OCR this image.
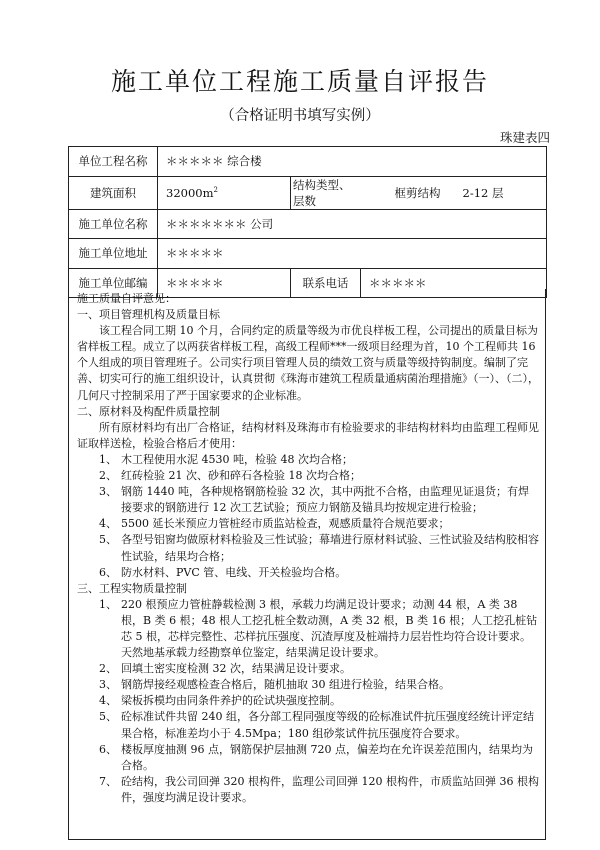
施工单位工程施工质量自评报告
（合格证明书填写实例）
珠建表四
单位工程名称	＊＊＊＊＊ 综合楼		
建筑面积	$32000m^2$	结构类型、层数	框剪结构 2-12 层
施工单位名称	＊＊＊＊＊＊＊ 公司		
施工单位地址	＊＊＊＊＊		
施工单位邮编	＊＊＊＊＊	联系电话	＊＊＊＊＊

施工质量自评意见：

一、项目管理机构及质量目标

该工程合同工期 10 个月，合同约定的质量等级为市优良样板工程，公司提出的质量目标为省样板工程。成立了以两获省样板工程，高级工程师***一级项目经理为首，10 个工程师共 16 个人组成的项目管理班子。公司实行项目管理人员的绩效工资与质量等级持钩制度。编制了完善、切实可行的施工组织设计，认真贯彻《珠海市建筑工程质量通病菌治理措施》（一）、（二），几何尺寸控制采用了严于国家要求的企业标准。

二、原材料及构配件质量控制

所有原材料均有出厂合格证，结构材料及珠海市有检验要求的非结构材料均由监理工程师见证取样送检，检验合格后才使用：

1、 木工程使用水泥 4530 吨，检验 48 次均合格；

2、 红砖检验 21 次、砂和碎石各检验 18 次均合格；

3、 钢筋 1440 吨，各种规格钢筋检验 32 次，其中两批不合格，由监理见证退货；有焊接要求的钢筋进行 12 次工艺试验；预应力钢筋及锚具均按规定进行检验；

4、 5500 延长米预应力管桩经市质监站检查，观感质量符合规范要求；

5、 各型号铝窗均做原材料检验及三性试验；幕墙进行原材料试验、三性试验及结构胶相容性试验，结果均合格；

6、 防水材料、PVC 管、电线、开关检验均合格。

三、工程实物质量控制

1、 220 根预应力管桩静载检测 3 根，承载力均满足设计要求；动测 44 根，A 类 38 根，B 类 6 根；48 根人工挖孔桩全数动测，A 类 32 根，B 类 16 根；人工挖孔桩钻芯 5 根，芯样完整性、芯样抗压强度、沉渣厚度及桩端持力层岩性均符合设计要求。天然地基承载力经勘察单位鉴定，结果满足设计要求。

2、 回填土密实度检测 32 次，结果满足设计要求。

3、 钢筋焊接经观感检查合格后，随机抽取 30 组进行检验，结果合格。

4、 梁板拆模均由同条件养护的砼试块强度控制。

5、 砼标准试件共留 240 组，各分部工程同强度等级的砼标准试件抗压强度经统计评定结果合格，标准差均小于 4.5Mpa；180 组砂浆试件抗压强度符合要求。

6、 楼板厚度抽测 96 点，钢筋保护层抽测 720 点，偏差均在允许误差范围内，结果均为合格。

7、 砼结构，我公司回弹 320 根构件，监理公司回弹 120 根构件，市质监站回弹 36 根构件，强度均满足设计要求。
